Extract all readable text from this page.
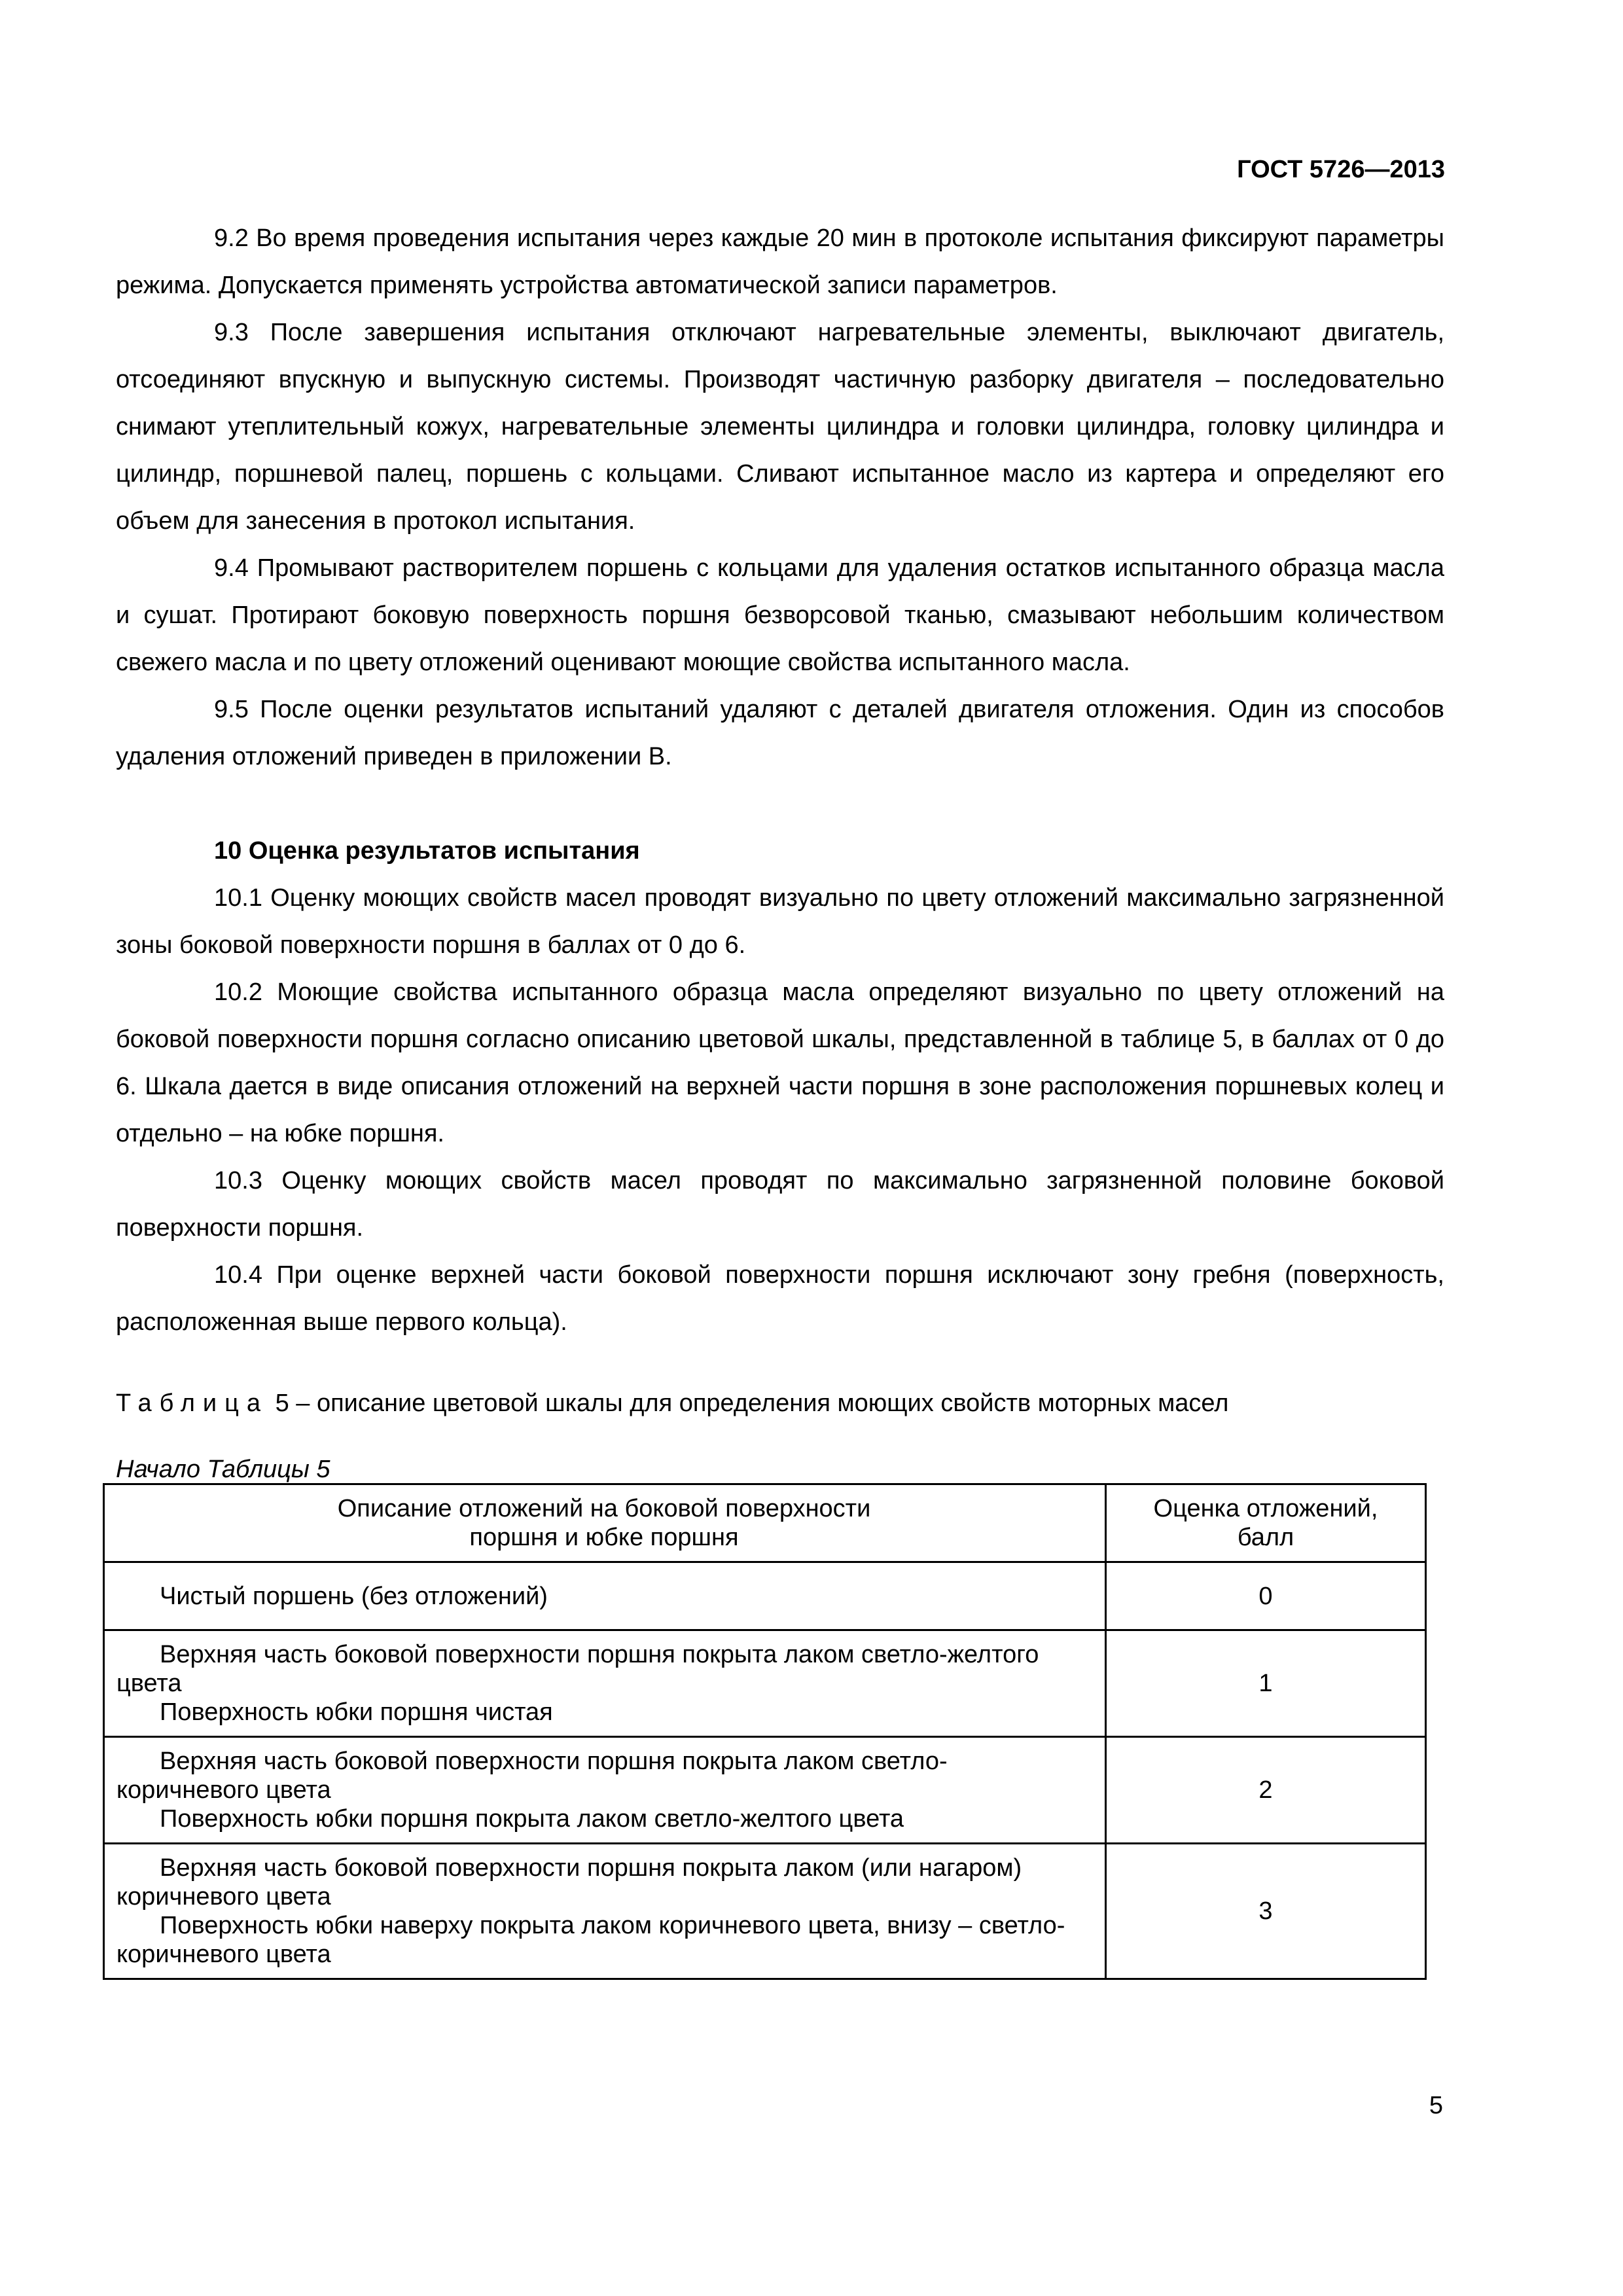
ГОСТ 5726—2013

9.2 Во время проведения испытания через каждые 20 мин в протоколе испытания фиксируют параметры режима. Допускается применять устройства автоматической записи параметров.

9.3 После завершения испытания отключают нагревательные элементы, выключают двигатель, отсоединяют впускную и выпускную системы. Производят частичную разборку двигателя – последовательно снимают утеплительный кожух, нагревательные элементы цилиндра и головки цилиндра, головку цилиндра и цилиндр, поршневой палец, поршень с кольцами. Сливают испытанное масло из картера и определяют его объем для занесения в протокол испытания.

9.4 Промывают растворителем поршень с кольцами для удаления остатков испытанного образца масла и сушат. Протирают боковую поверхность поршня безворсовой тканью, смазывают небольшим количеством свежего масла и по цвету отложений оценивают моющие свойства испытанного масла.

9.5 После оценки результатов испытаний удаляют с деталей двигателя отложения. Один из способов удаления отложений приведен в приложении В.

10 Оценка результатов испытания

10.1 Оценку моющих свойств масел проводят визуально по цвету отложений максимально загрязненной зоны боковой поверхности поршня в баллах от 0 до 6.

10.2 Моющие свойства испытанного образца масла определяют визуально по цвету отложений на боковой поверхности поршня согласно описанию цветовой шкалы, представленной в таблице 5, в баллах от 0 до 6. Шкала дается в виде описания отложений на верхней части поршня в зоне расположения поршневых колец и отдельно – на юбке поршня.

10.3 Оценку моющих свойств масел проводят по максимально загрязненной половине боковой поверхности поршня.

10.4 При оценке верхней части боковой поверхности поршня исключают зону гребня (поверхность, расположенная выше первого кольца).

Таблица 5 – описание цветовой шкалы для определения моющих свойств моторных масел

Начало Таблицы 5

Описание отложений на боковой поверхности
поршня и юбке поршня	Оценка отложений,
балл

Чистый поршень (без отложений)	0

Верхняя часть боковой поверхности поршня покрыта лаком светло-желтого цвета
Поверхность юбки поршня чистая	1

Верхняя часть боковой поверхности поршня покрыта лаком светло-коричневого цвета
Поверхность юбки поршня покрыта лаком светло-желтого цвета	2

Верхняя часть боковой поверхности поршня покрыта лаком (или нагаром) коричневого цвета
Поверхность юбки наверху покрыта лаком коричневого цвета, внизу – светло-коричневого цвета	3
5
